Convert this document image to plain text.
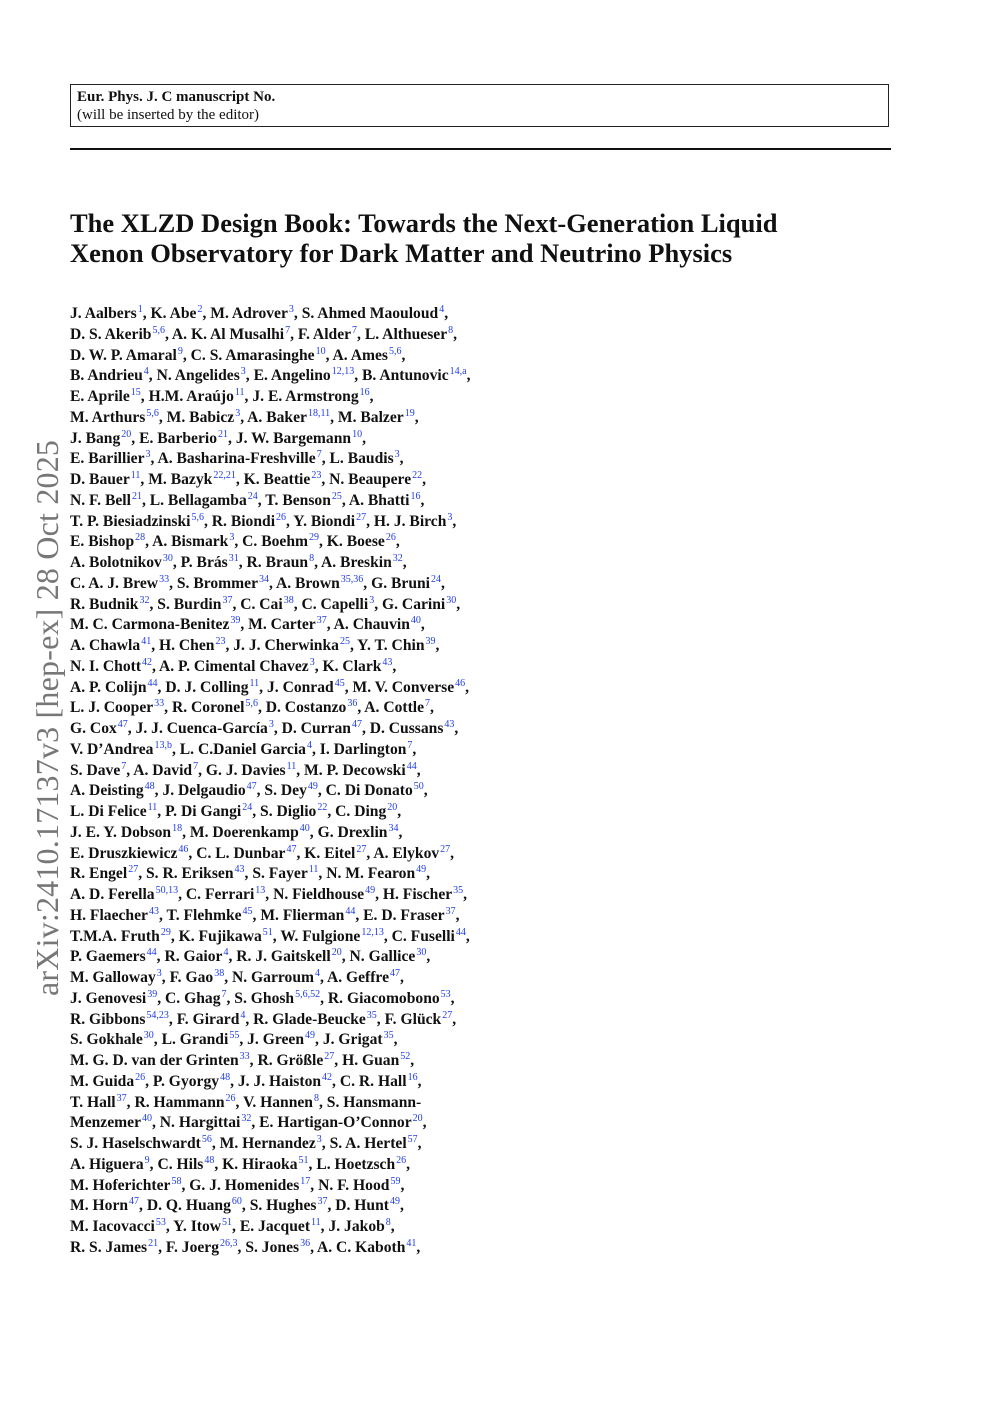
Eur. Phys. J. C manuscript No.
(will be inserted by the editor)
arXiv:2410.17137v3 [hep-ex] 28 Oct 2025
The XLZD Design Book: Towards the Next-Generation Liquid
Xenon Observatory for Dark Matter and Neutrino Physics
J. Aalbers$^1$, K. Abe$^2$, M. Adrover$^3$, S. Ahmed Maouloud$^4$,
D. S. Akerib$^{5,6}$, A. K. Al Musalhi$^7$, F. Alder$^7$, L. Althueser$^8$,
D. W. P. Amaral$^9$, C. S. Amarasinghe$^{10}$, A. Ames$^{5,6}$,
B. Andrieu$^4$, N. Angelides$^3$, E. Angelino$^{12,13}$, B. Antunovic$^{14,a}$,
E. Aprile$^{15}$, H.M. Araújo$^{11}$, J. E. Armstrong$^{16}$,
M. Arthurs$^{5,6}$, M. Babicz$^3$, A. Baker$^{18,11}$, M. Balzer$^{19}$,
J. Bang$^{20}$, E. Barberio$^{21}$, J. W. Bargemann$^{10}$,
E. Barillier$^3$, A. Basharina-Freshville$^7$, L. Baudis$^3$,
D. Bauer$^{11}$, M. Bazyk$^{22,21}$, K. Beattie$^{23}$, N. Beaupere$^{22}$,
N. F. Bell$^{21}$, L. Bellagamba$^{24}$, T. Benson$^{25}$, A. Bhatti$^{16}$,
T. P. Biesiadzinski$^{5,6}$, R. Biondi$^{26}$, Y. Biondi$^{27}$, H. J. Birch$^3$,
E. Bishop$^{28}$, A. Bismark$^3$, C. Boehm$^{29}$, K. Boese$^{26}$,
A. Bolotnikov$^{30}$, P. Brás$^{31}$, R. Braun$^8$, A. Breskin$^{32}$,
C. A. J. Brew$^{33}$, S. Brommer$^{34}$, A. Brown$^{35,36}$, G. Bruni$^{24}$,
R. Budnik$^{32}$, S. Burdin$^{37}$, C. Cai$^{38}$, C. Capelli$^3$, G. Carini$^{30}$,
M. C. Carmona-Benitez$^{39}$, M. Carter$^{37}$, A. Chauvin$^{40}$,
A. Chawla$^{41}$, H. Chen$^{23}$, J. J. Cherwinka$^{25}$, Y. T. Chin$^{39}$,
N. I. Chott$^{42}$, A. P. Cimental Chavez$^3$, K. Clark$^{43}$,
A. P. Colijn$^{44}$, D. J. Colling$^{11}$, J. Conrad$^{45}$, M. V. Converse$^{46}$,
L. J. Cooper$^{33}$, R. Coronel$^{5,6}$, D. Costanzo$^{36}$, A. Cottle$^7$,
G. Cox$^{47}$, J. J. Cuenca-García$^3$, D. Curran$^{47}$, D. Cussans$^{43}$,
V. D’Andrea$^{13,b}$, L. C.Daniel Garcia$^4$, I. Darlington$^7$,
S. Dave$^7$, A. David$^7$, G. J. Davies$^{11}$, M. P. Decowski$^{44}$,
A. Deisting$^{48}$, J. Delgaudio$^{47}$, S. Dey$^{49}$, C. Di Donato$^{50}$,
L. Di Felice$^{11}$, P. Di Gangi$^{24}$, S. Diglio$^{22}$, C. Ding$^{20}$,
J. E. Y. Dobson$^{18}$, M. Doerenkamp$^{40}$, G. Drexlin$^{34}$,
E. Druszkiewicz$^{46}$, C. L. Dunbar$^{47}$, K. Eitel$^{27}$, A. Elykov$^{27}$,
R. Engel$^{27}$, S. R. Eriksen$^{43}$, S. Fayer$^{11}$, N. M. Fearon$^{49}$,
A. D. Ferella$^{50,13}$, C. Ferrari$^{13}$, N. Fieldhouse$^{49}$, H. Fischer$^{35}$,
H. Flaecher$^{43}$, T. Flehmke$^{45}$, M. Flierman$^{44}$, E. D. Fraser$^{37}$,
T.M.A. Fruth$^{29}$, K. Fujikawa$^{51}$, W. Fulgione$^{12,13}$, C. Fuselli$^{44}$,
P. Gaemers$^{44}$, R. Gaior$^4$, R. J. Gaitskell$^{20}$, N. Gallice$^{30}$,
M. Galloway$^3$, F. Gao$^{38}$, N. Garroum$^4$, A. Geffre$^{47}$,
J. Genovesi$^{39}$, C. Ghag$^7$, S. Ghosh$^{5,6,52}$, R. Giacomobono$^{53}$,
R. Gibbons$^{54,23}$, F. Girard$^4$, R. Glade-Beucke$^{35}$, F. Glück$^{27}$,
S. Gokhale$^{30}$, L. Grandi$^{55}$, J. Green$^{49}$, J. Grigat$^{35}$,
M. G. D. van der Grinten$^{33}$, R. Größle$^{27}$, H. Guan$^{52}$,
M. Guida$^{26}$, P. Gyorgy$^{48}$, J. J. Haiston$^{42}$, C. R. Hall$^{16}$,
T. Hall$^{37}$, R. Hammann$^{26}$, V. Hannen$^8$, S. Hansmann-
Menzemer$^{40}$, N. Hargittai$^{32}$, E. Hartigan-O’Connor$^{20}$,
S. J. Haselschwardt$^{56}$, M. Hernandez$^3$, S. A. Hertel$^{57}$,
A. Higuera$^9$, C. Hils$^{48}$, K. Hiraoka$^{51}$, L. Hoetzsch$^{26}$,
M. Hoferichter$^{58}$, G. J. Homenides$^{17}$, N. F. Hood$^{59}$,
M. Horn$^{47}$, D. Q. Huang$^{60}$, S. Hughes$^{37}$, D. Hunt$^{49}$,
M. Iacovacci$^{53}$, Y. Itow$^{51}$, E. Jacquet$^{11}$, J. Jakob$^8$,
R. S. James$^{21}$, F. Joerg$^{26,3}$, S. Jones$^{36}$, A. C. Kaboth$^{41}$,
